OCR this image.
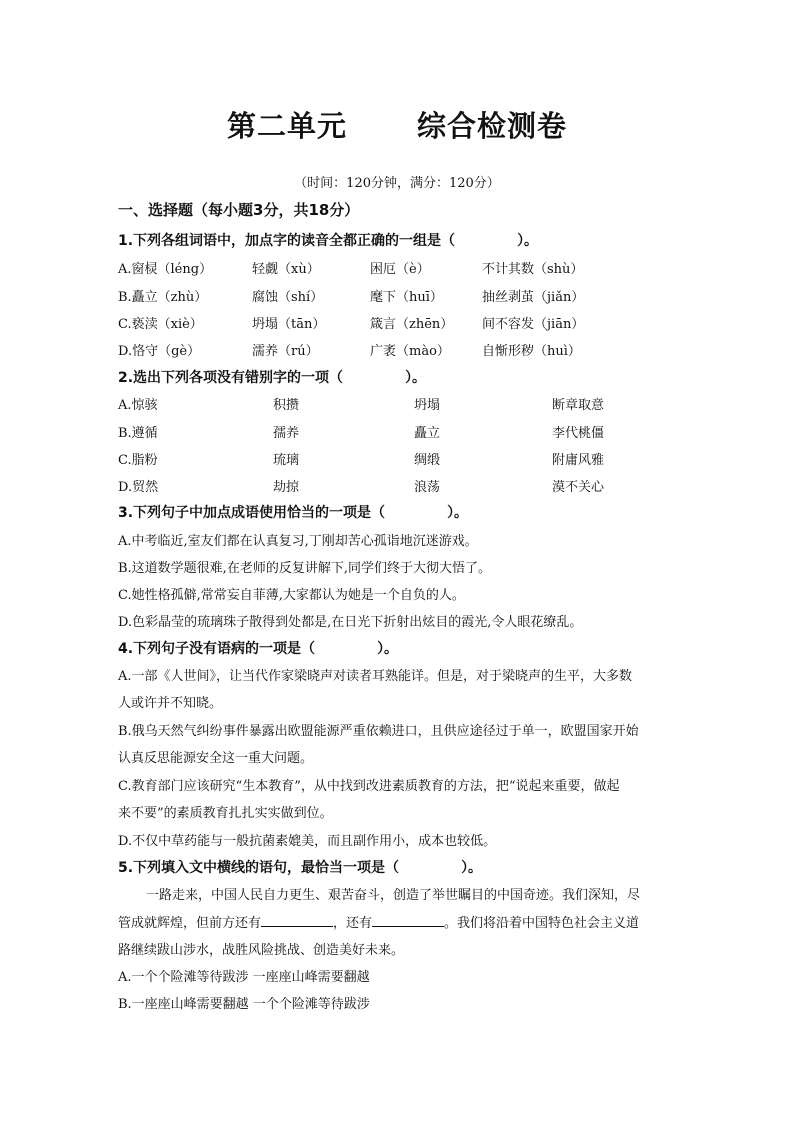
第二单元 综合检测卷
（时间：120分钟，满分：120分）
一、选择题（每小题3分，共18分）
1.下列各组词语中，加点字的读音全都正确的一组是（	）。
A.窗棂（léng）	轻觑（xù）	困厄（è）	不计其数（shù）
B.矗立（zhù）	腐蚀（shí）	麾下（huī）	抽丝剥茧（jiǎn）
C.亵渎（xiè）	坍塌（tān）	箴言（zhēn） 间不容发（jiān）
D.恪守（gè）	濡养（rú）	广袤（mào） 自惭形秽（huì）
2.选出下列各项没有错别字的一项（	）。
A.惊骇	积攒	坍塌	断章取意
B.遵循	孺养	矗立	李代桃僵
C.脂粉	琉璃	绸缎	附庸风雅
D.贸然	劫掠	浪荡	漠不关心
3.下列句子中加点成语使用恰当的一项是（	）。
A.中考临近,室友们都在认真复习,丁刚却苦心孤诣地沉迷游戏。
B.这道数学题很难,在老师的反复讲解下,同学们终于大彻大悟了。
C.她性格孤僻,常常妄自菲薄,大家都认为她是一个自负的人。
D.色彩晶莹的琉璃珠子散得到处都是,在日光下折射出炫目的霞光,令人眼花缭乱。
4.下列句子没有语病的一项是（	）。
A.一部《人世间》，让当代作家梁晓声对读者耳熟能详。但是，对于梁晓声的生平，大多数
人或许并不知晓。
B.俄乌天然气纠纷事件暴露出欧盟能源严重依赖进口，且供应途径过于单一，欧盟国家开始
认真反思能源安全这一重大问题。
C.教育部门应该研究“生本教育”，从中找到改进素质教育的方法，把“说起来重要，做起
来不要”的素质教育扎扎实实做到位。
D.不仅中草药能与一般抗菌素媲美，而且副作用小，成本也较低。
5.下列填入文中横线的语句，最恰当一项是（	）。
一路走来，中国人民自力更生、艰苦奋斗，创造了举世瞩目的中国奇迹。我们深知，尽
管成就辉煌，但前方还有	，还有	。我们将沿着中国特色社会主义道
路继续跋山涉水，战胜风险挑战、创造美好未来。
A.一个个险滩等待跋涉 一座座山峰需要翻越
B.一座座山峰需要翻越 一个个险滩等待跋涉
